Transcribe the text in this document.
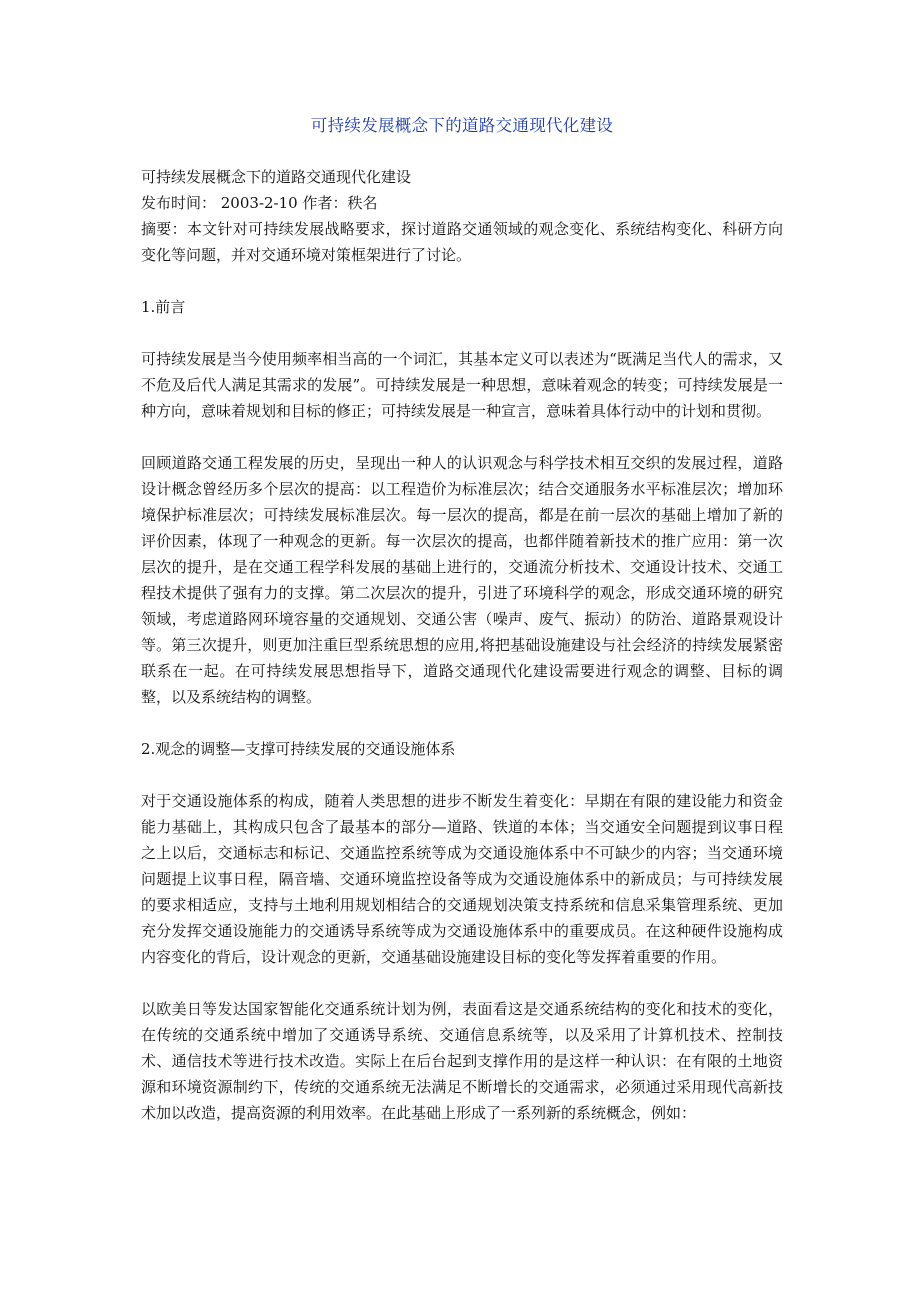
可持续发展概念下的道路交通现代化建设

可持续发展概念下的道路交通现代化建设

发布时间： 2003-2-10 作者：秩名

摘要：本文针对可持续发展战略要求，探讨道路交通领域的观念变化、系统结构变化、科研方向变化等问题，并对交通环境对策框架进行了讨论。

1.前言

可持续发展是当今使用频率相当高的一个词汇，其基本定义可以表述为“既满足当代人的需求，又不危及后代人满足其需求的发展”。可持续发展是一种思想，意味着观念的转变；可持续发展是一种方向，意味着规划和目标的修正；可持续发展是一种宣言，意味着具体行动中的计划和贯彻。

回顾道路交通工程发展的历史，呈现出一种人的认识观念与科学技术相互交织的发展过程，道路设计概念曾经历多个层次的提高：以工程造价为标准层次；结合交通服务水平标准层次；增加环境保护标准层次；可持续发展标准层次。每一层次的提高，都是在前一层次的基础上增加了新的评价因素，体现了一种观念的更新。每一次层次的提高，也都伴随着新技术的推广应用：第一次层次的提升，是在交通工程学科发展的基础上进行的，交通流分析技术、交通设计技术、交通工程技术提供了强有力的支撑。第二次层次的提升，引进了环境科学的观念，形成交通环境的研究领域，考虑道路网环境容量的交通规划、交通公害（噪声、废气、振动）的防治、道路景观设计等。第三次提升，则更加注重巨型系统思想的应用,将把基础设施建设与社会经济的持续发展紧密联系在一起。在可持续发展思想指导下，道路交通现代化建设需要进行观念的调整、目标的调整，以及系统结构的调整。

2.观念的调整—支撑可持续发展的交通设施体系

对于交通设施体系的构成，随着人类思想的进步不断发生着变化：早期在有限的建设能力和资金能力基础上，其构成只包含了最基本的部分—道路、铁道的本体；当交通安全问题提到议事日程之上以后，交通标志和标记、交通监控系统等成为交通设施体系中不可缺少的内容；当交通环境问题提上议事日程，隔音墙、交通环境监控设备等成为交通设施体系中的新成员；与可持续发展的要求相适应，支持与土地利用规划相结合的交通规划决策支持系统和信息采集管理系统、更加充分发挥交通设施能力的交通诱导系统等成为交通设施体系中的重要成员。在这种硬件设施构成内容变化的背后，设计观念的更新，交通基础设施建设目标的变化等发挥着重要的作用。

以欧美日等发达国家智能化交通系统计划为例，表面看这是交通系统结构的变化和技术的变化，在传统的交通系统中增加了交通诱导系统、交通信息系统等，以及采用了计算机技术、控制技术、通信技术等进行技术改造。实际上在后台起到支撑作用的是这样一种认识：在有限的土地资源和环境资源制约下，传统的交通系统无法满足不断增长的交通需求，必须通过采用现代高新技术加以改造，提高资源的利用效率。在此基础上形成了一系列新的系统概念，例如：
